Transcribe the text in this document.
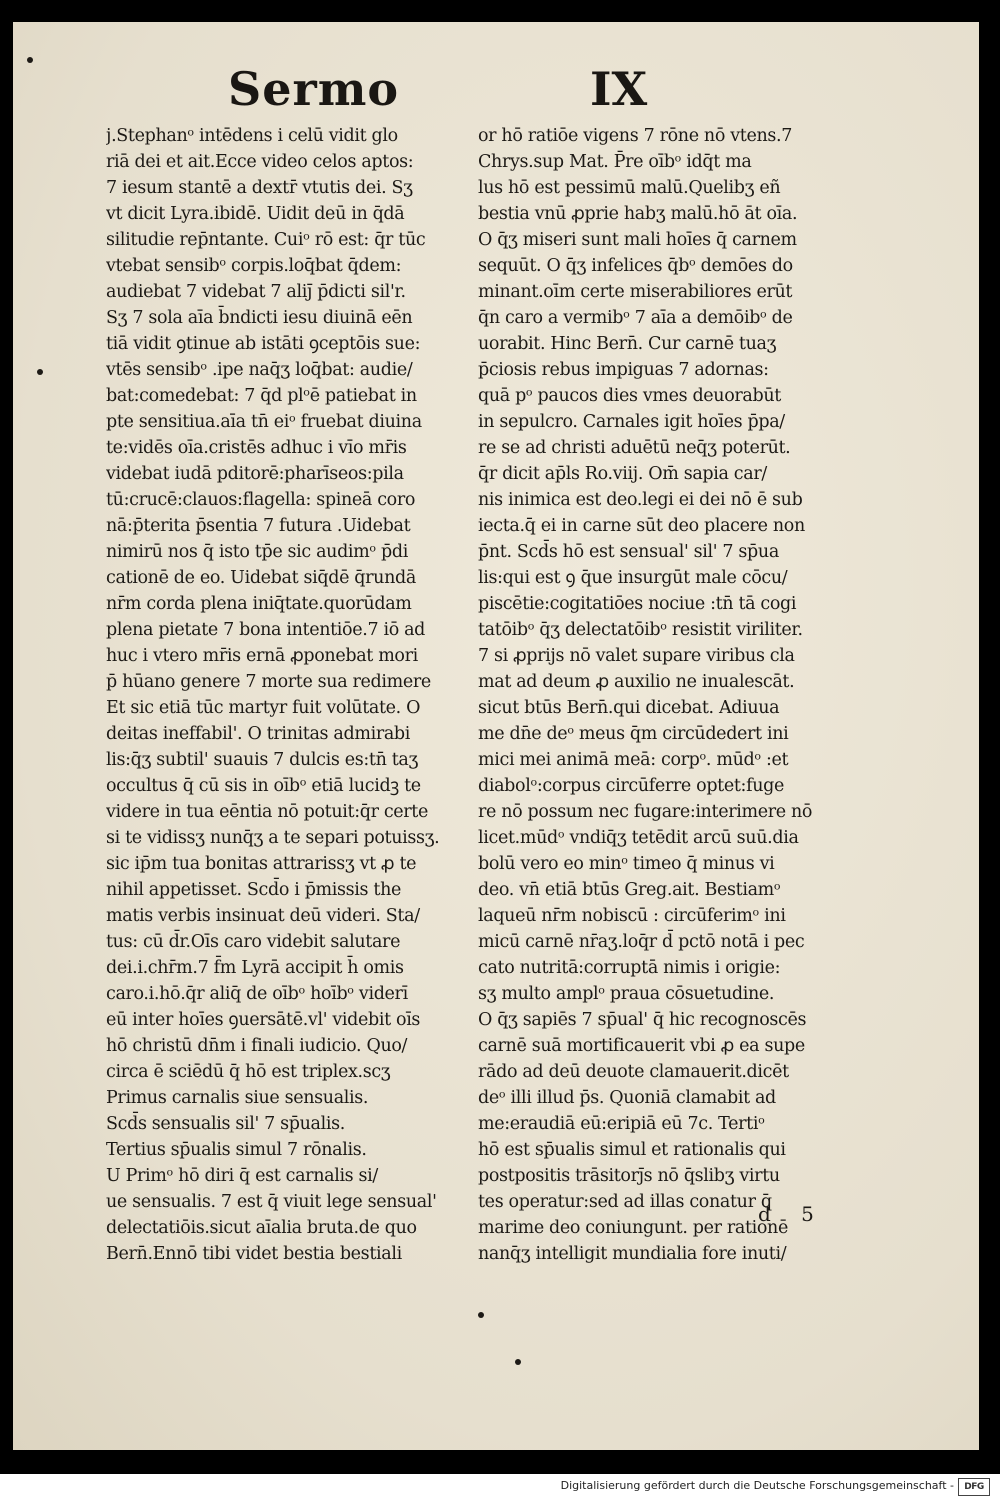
Sermo	IX
j.Stephanᵒ intēdens i celū vidit glo
riā dei et ait.Ecce video celos aptos:
7 iesum stantē a dextr̄ vtutis dei. Sʒ
vt dicit Lyra.ibidē. Uidit deū in q̄dā
silitudie rep̄ntante. Cuiᵒ rō est: q̄r tūc
vtebat sensibᵒ corpis.loq̄bat q̄dem:
audiebat 7 videbat 7 aliȷ̄ p̄dicti sil'r.
Sʒ 7 sola aīa b̄ndicti iesu diuinā eēn
tiā vidit ꝯtinue ab istāti ꝯceptōis sue:
vtēs sensibᵒ .ipe naq̄ʒ loq̄bat: audie/
bat:comedebat: 7 q̄d plᵒē patiebat in
pte sensitiua.aīa tn̄ eiᵒ fruebat diuina
te:vidēs oīa.cristēs adhuc i vīo mr̄is
videbat iudā pditorē:pharīseos:pila
tū:crucē:clauos:flagella: spineā coro
nā:p̄terita p̄sentia 7 futura .Uidebat
nimirū nos q̄ isto tp̄e sic audimᵒ p̄di
cationē de eo. Uidebat siq̄dē q̄rundā
nr̄m corda plena iniq̄tate.quorūdam
plena pietate 7 bona intentiōe.7 iō ad
huc i vtero mr̄is ernā ꝓponebat mori
p̄ hūano genere 7 morte sua redimere
Et sic etiā tūc martyr fuit volūtate. O
deitas ineffabil'. O trinitas admirabi
lis:q̄ʒ subtil' suauis 7 dulcis es:tn̄ taʒ
occultus q̄ cū sis in oībᵒ etiā lucidꝫ te
videre in tua eēntia nō potuit:q̄r certe
si te vidissʒ nunq̄ʒ a te separi potuissʒ.
sic ip̄m tua bonitas attrarissʒ vt ꝓ te
nihil appetisset. Scd̄o i p̄missis the
matis verbis insinuat deū videri. Sta/
tus: cū d̄r.Oīs caro videbit salutare
dei.i.chr̄m.7 f̄m Lyrā accipit h̄ omis
caro.i.hō.q̄r aliq̄ de oībᵒ hoībᵒ viderī
eū inter hoīes ꝯuersātē.vl' videbit oīs
hō christū dn̄m i finali iudicio. Quo/
circa ē sciēdū q̄ hō est triplex.scʒ
Primus carnalis siue sensualis.
Scd̄s sensualis sil' 7 sp̄ualis.
Tertius sp̄ualis simul 7 rōnalis.
U Primᵒ hō diri q̄ est carnalis si/
ue sensualis. 7 est q̄ viuit lege sensual'
delectatiōis.sicut aīalia bruta.de quo
Bern̄.Ennō tibi videt bestia bestiali
or hō ratiōe vigens 7 rōne nō vtens.7
Chrys.sup Mat. P̄re oībᵒ idq̄t ma
lus hō est pessimū malū.Quelibʒ eñ
bestia vnū ꝓprie habʒ malū.hō āt oīa.
O q̄ʒ miseri sunt mali hoīes q̄ carnem
sequūt. O q̄ʒ infelices q̄bᵒ demōes do
minant.oīm certe miserabiliores erūt
q̄n caro a vermibᵒ 7 aīa a demōibᵒ de
uorabit. Hinc Bern̄. Cur carnē tuaʒ
p̄ciosis rebus impiguas 7 adornas:
quā pᵒ paucos dies vmes deuorabūt
in sepulcro. Carnales igit hoīes p̄pa/
re se ad christi aduētū neq̄ʒ poterūt.
q̄r dicit ap̄ls Ro.viij. Om̄ sapia car/
nis inimica est deo.legi ei dei nō ē sub
iecta.q̄ ei in carne sūt deo placere non
p̄nt. Scd̄s hō est sensual' sil' 7 sp̄ua
lis:qui est ꝯ q̄ue insurgūt male cōcu/
piscētie:cogitatiōes nociue :tn̄ tā cogi
tatōibᵒ q̄ʒ delectatōibᵒ resistit viriliter.
7 si ꝓprijs nō valet supare viribus cla
mat ad deum ꝓ auxilio ne inualescāt.
sicut btūs Bern̄.qui dicebat. Adiuua
me dn̄e deᵒ meus q̄m circūdedert ini
mici mei animā meā: corpᵒ. mūdᵒ :et
diabolᵒ:corpus circūferre optet:fuge
re nō possum nec fugare:interimere nō
licet.mūdᵒ vndiq̄ʒ tetēdit arcū suū.dia
bolū vero eo minᵒ timeo q̄ minus vi
deo. vn̄ etiā btūs Greg.ait. Bestiamᵒ
laqueū nr̄m nobiscū : circūferimᵒ ini
micū carnē nr̄aʒ.loq̄r d̄ pctō notā i pec
cato nutritā:corruptā nimis i origie:
sʒ multo amplᵒ praua cōsuetudine.
O q̄ʒ sapiēs 7 sp̄ual' q̄ hic recognoscēs
carnē suā mortificauerit vbi ꝓ ea supe
rādo ad deū deuote clamauerit.dicēt
deᵒ illi illud p̄s. Quoniā clamabit ad
me:eraudiā eū:eripiā eū 7c. Tertiᵒ
hō est sp̄ualis simul et rationalis qui
postpositis trāsitorȷ̄s nō q̄slibʒ virtu
tes operatur:sed ad illas conatur q̄
marime deo coniungunt. per rationē
nanq̄ʒ intelligit mundialia fore inuti/
d 5
Digitalisierung gefördert durch die Deutsche Forschungsgemeinschaft -	DFG
